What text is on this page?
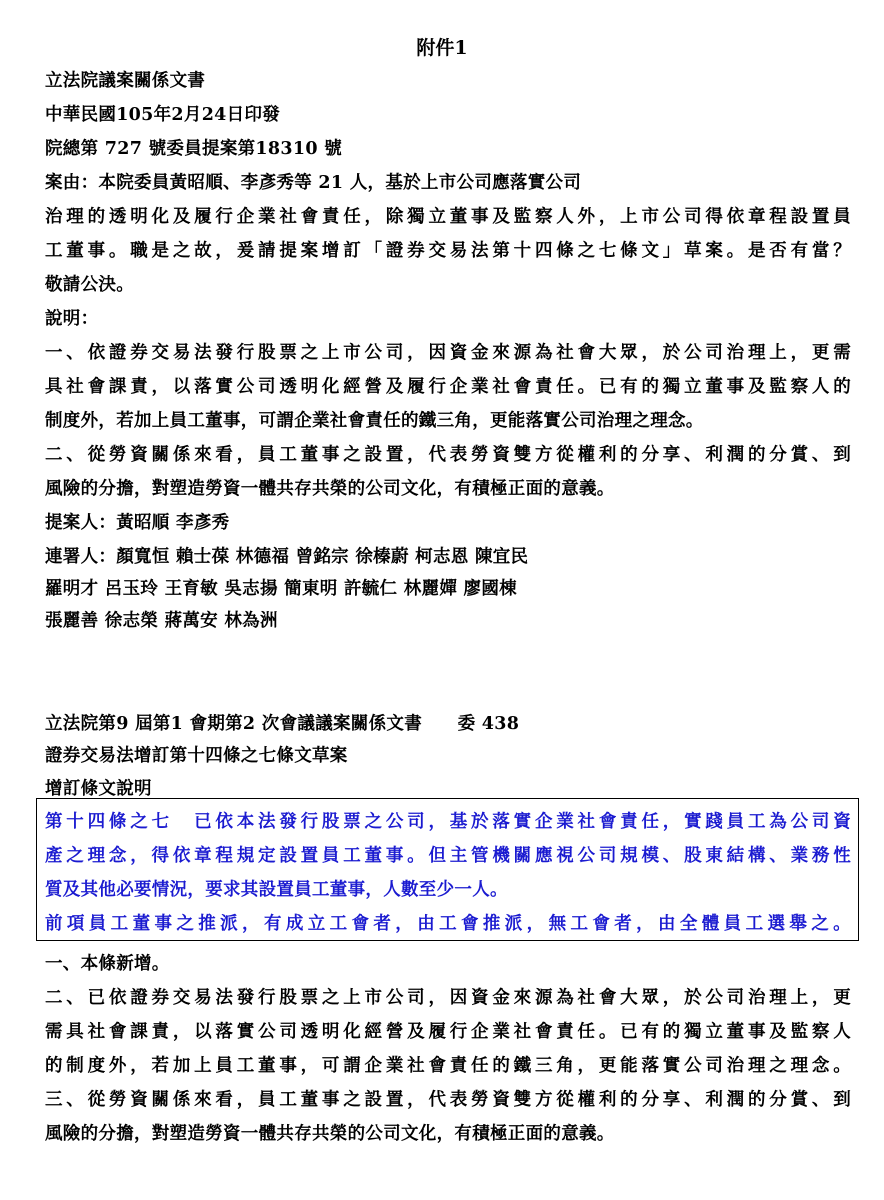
附件1
立法院議案關係文書
中華民國105年2月24日印發
院總第 727 號委員提案第18310 號
案由：本院委員黃昭順、李彥秀等 21 人，基於上市公司應落實公司
治理的透明化及履行企業社會責任，除獨立董事及監察人外，上市公司得依章程設置員
工董事。職是之故，爰請提案增訂「證券交易法第十四條之七條文」草案。是否有當？
敬請公決。
說明：
一、依證券交易法發行股票之上市公司，因資金來源為社會大眾，於公司治理上，更需
具社會課責，以落實公司透明化經營及履行企業社會責任。已有的獨立董事及監察人的
制度外，若加上員工董事，可謂企業社會責任的鐵三角，更能落實公司治理之理念。
二、從勞資關係來看，員工董事之設置，代表勞資雙方從權利的分享、利潤的分賞、到
風險的分擔，對塑造勞資一體共存共榮的公司文化，有積極正面的意義。
提案人：黃昭順 李彥秀
連署人：顏寬恒 賴士葆 林德福 曾銘宗 徐榛蔚 柯志恩 陳宜民
羅明才 呂玉玲 王育敏 吳志揚 簡東明 許毓仁 林麗嬋 廖國棟
張麗善 徐志榮 蔣萬安 林為洲
立法院第9 屆第1 會期第2 次會議議案關係文書　　委 438
證券交易法增訂第十四條之七條文草案
增訂條文說明
第十四條之七　已依本法發行股票之公司，基於落實企業社會責任，實踐員工為公司資
產之理念，得依章程規定設置員工董事。但主管機關應視公司規模、股東結構、業務性
質及其他必要情況，要求其設置員工董事，人數至少一人。
前項員工董事之推派，有成立工會者，由工會推派，無工會者，由全體員工選舉之。
一、本條新增。
二、已依證券交易法發行股票之上市公司，因資金來源為社會大眾，於公司治理上，更
需具社會課責，以落實公司透明化經營及履行企業社會責任。已有的獨立董事及監察人
的制度外，若加上員工董事，可謂企業社會責任的鐵三角，更能落實公司治理之理念。
三、從勞資關係來看，員工董事之設置，代表勞資雙方從權利的分享、利潤的分賞、到
風險的分擔，對塑造勞資一體共存共榮的公司文化，有積極正面的意義。
